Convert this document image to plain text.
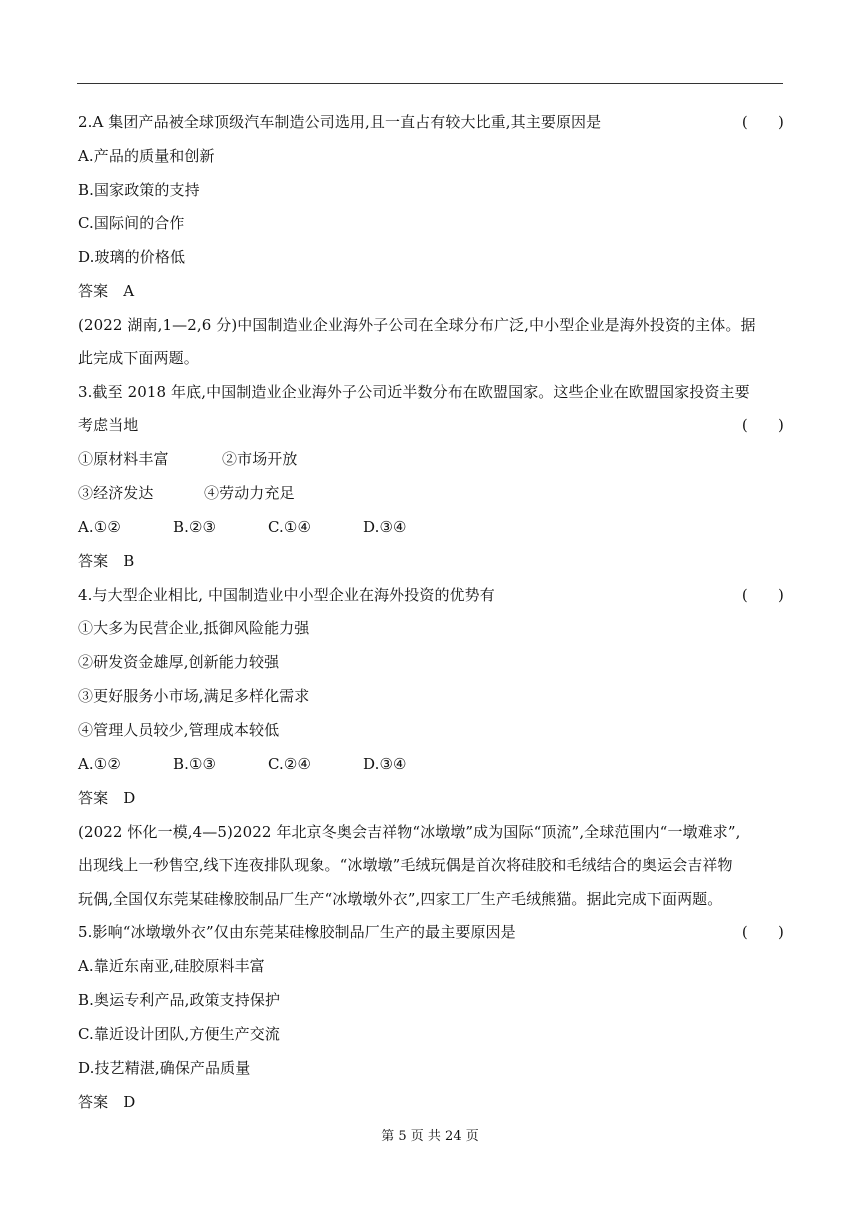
2.A 集团产品被全球顶级汽车制造公司选用,且一直占有较大比重,其主要原因是	(　　)
A.产品的质量和创新
B.国家政策的支持
C.国际间的合作
D.玻璃的价格低
答案　A
(2022 湖南,1—2,6 分)中国制造业企业海外子公司在全球分布广泛,中小型企业是海外投资的主体。据
此完成下面两题。
3.截至 2018 年底,中国制造业企业海外子公司近半数分布在欧盟国家。这些企业在欧盟国家投资主要
考虑当地	(　　)
①原材料丰富	②市场开放
③经济发达	④劳动力充足
A.①②	B.②③	C.①④	D.③④
答案　B
4.与大型企业相比, 中国制造业中小型企业在海外投资的优势有	(　　)
①大多为民营企业,抵御风险能力强
②研发资金雄厚,创新能力较强
③更好服务小市场,满足多样化需求
④管理人员较少,管理成本较低
A.①②	B.①③	C.②④	D.③④
答案　D
(2022 怀化一模,4—5)2022 年北京冬奥会吉祥物“冰墩墩”成为国际“顶流”,全球范围内“一墩难求”,
出现线上一秒售空,线下连夜排队现象。“冰墩墩”毛绒玩偶是首次将硅胶和毛绒结合的奥运会吉祥物
玩偶,全国仅东莞某硅橡胶制品厂生产“冰墩墩外衣”,四家工厂生产毛绒熊猫。据此完成下面两题。
5.影响“冰墩墩外衣”仅由东莞某硅橡胶制品厂生产的最主要原因是	(　　)
A.靠近东南亚,硅胶原料丰富
B.奥运专利产品,政策支持保护
C.靠近设计团队,方便生产交流
D.技艺精湛,确保产品质量
答案　D
第 5 页 共 24 页
